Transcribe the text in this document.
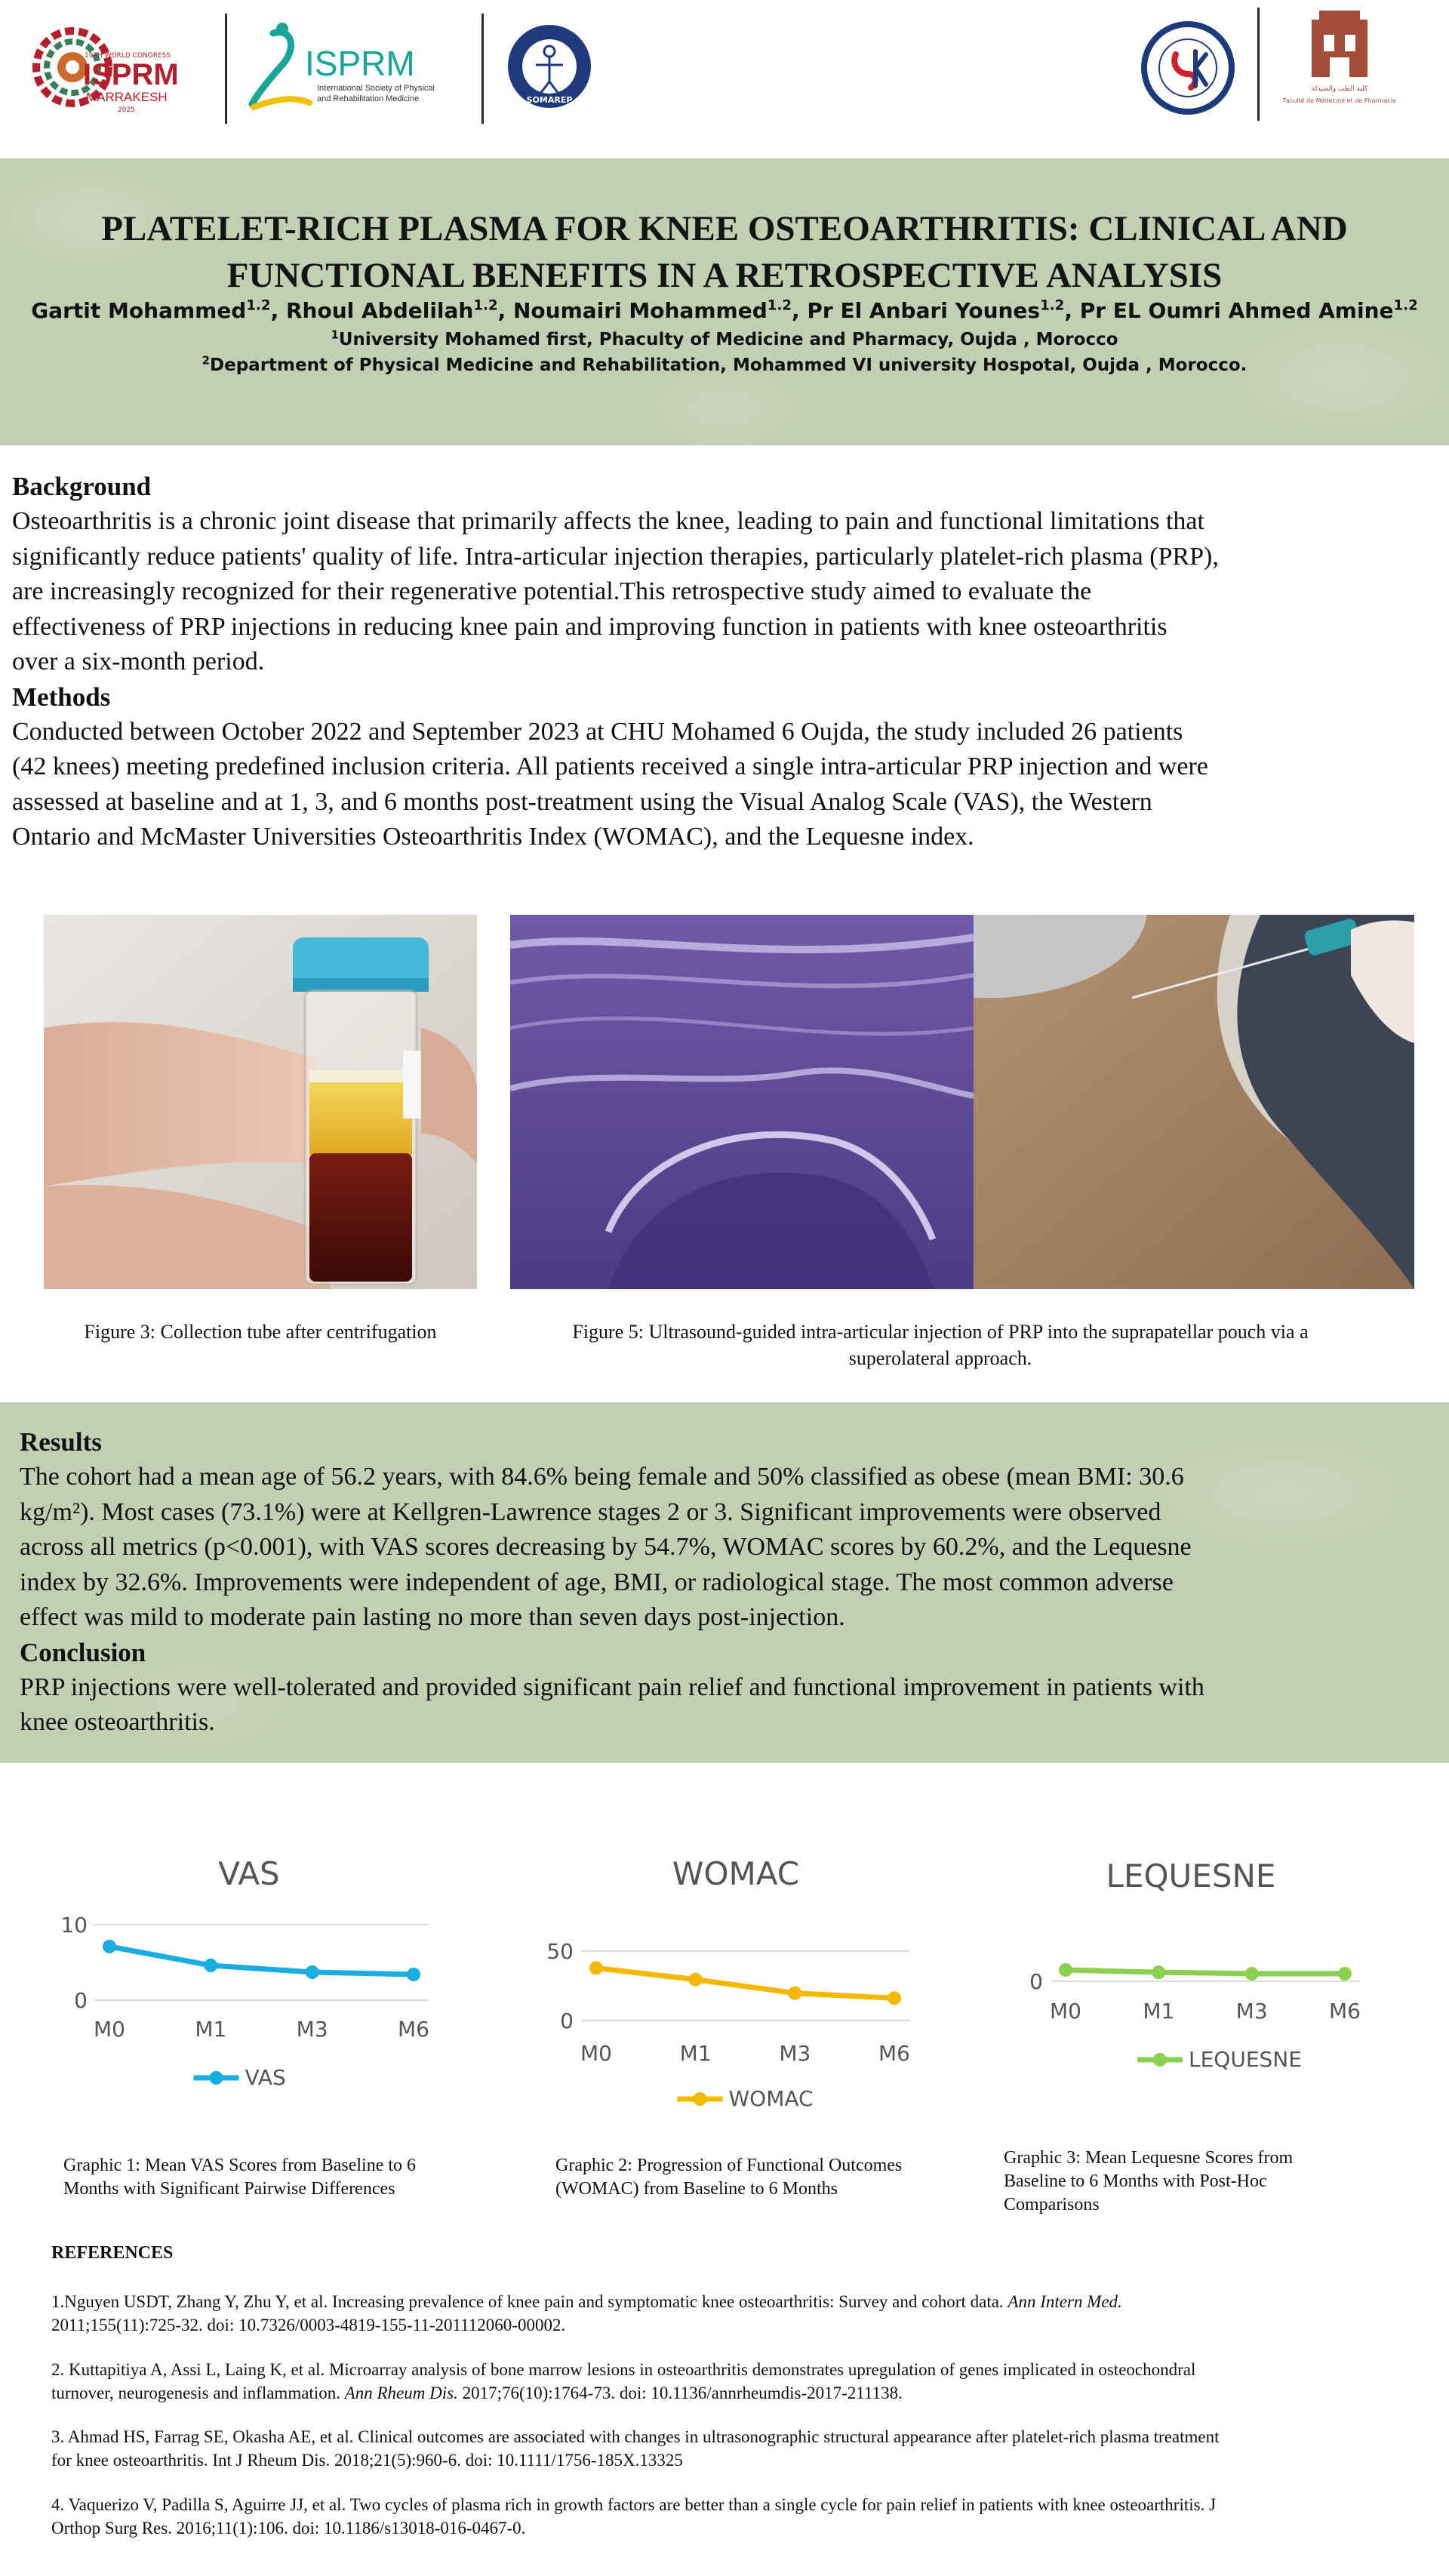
19TH WORLD CONGRESS
ISPRM
MARRAKESH
2025
ISPRM
International Society of Physical
and Rehabilitation Medicine	SOMAREP
كلية الطب والصيدلة
Faculté de Médecine et de Pharmacie
PLATELET-RICH PLASMA FOR KNEE OSTEOARTHRITIS: CLINICAL AND
FUNCTIONAL BENEFITS IN A RETROSPECTIVE ANALYSIS
Gartit Mohammed$^{1.2}$, Rhoul Abdelilah$^{1.2}$, Noumairi Mohammed$^{1.2}$, Pr El Anbari Younes$^{1.2}$, Pr EL Oumri Ahmed Amine$^{1.2}$
$^1$University Mohamed first, Phaculty of Medicine and Pharmacy, Oujda , Morocco
$^2$Department of Physical Medicine and Rehabilitation, Mohammed VI university Hospotal, Oujda , Morocco.
Background
Osteoarthritis is a chronic joint disease that primarily affects the knee, leading to pain and functional limitations that
significantly reduce patients' quality of life. Intra-articular injection therapies, particularly platelet-rich plasma (PRP),
are increasingly recognized for their regenerative potential.This retrospective study aimed to evaluate the
effectiveness of PRP injections in reducing knee pain and improving function in patients with knee osteoarthritis
over a six-month period.
Methods
Conducted between October 2022 and September 2023 at CHU Mohamed 6 Oujda, the study included 26 patients
(42 knees) meeting predefined inclusion criteria. All patients received a single intra-articular PRP injection and were
assessed at baseline and at 1, 3, and 6 months post-treatment using the Visual Analog Scale (VAS), the Western
Ontario and McMaster Universities Osteoarthritis Index (WOMAC), and the Lequesne index.
Figure 3: Collection tube after centrifugation	Figure 5: Ultrasound-guided intra-articular injection of PRP into the suprapatellar pouch via a
superolateral approach.
Results
The cohort had a mean age of 56.2 years, with 84.6% being female and 50% classified as obese (mean BMI: 30.6
kg/m²). Most cases (73.1%) were at Kellgren-Lawrence stages 2 or 3. Significant improvements were observed
across all metrics (p<0.001), with VAS scores decreasing by 54.7%, WOMAC scores by 60.2%, and the Lequesne
index by 32.6%. Improvements were independent of age, BMI, or radiological stage. The most common adverse
effect was mild to moderate pain lasting no more than seven days post-injection.
Conclusion
PRP injections were well-tolerated and provided significant pain relief and functional improvement in patients with
knee osteoarthritis.
VAS
0
10
M0	M1	M3	M6
VAS
WOMAC
0
50
M0	M1	M3	M6
WOMAC
LEQUESNE
0
M0	M1	M3	M6
LEQUESNE
Graphic 1: Mean VAS Scores from Baseline to 6
Months with Significant Pairwise Differences
Graphic 2: Progression of Functional Outcomes
(WOMAC) from Baseline to 6 Months
Graphic 3: Mean Lequesne Scores from
Baseline to 6 Months with Post-Hoc
Comparisons
REFERENCES
1.Nguyen USDT, Zhang Y, Zhu Y, et al. Increasing prevalence of knee pain and symptomatic knee osteoarthritis: Survey and cohort data. Ann Intern Med.
2011;155(11):725-32. doi: 10.7326/0003-4819-155-11-201112060-00002.
2. Kuttapitiya A, Assi L, Laing K, et al. Microarray analysis of bone marrow lesions in osteoarthritis demonstrates upregulation of genes implicated in osteochondral
turnover, neurogenesis and inflammation. Ann Rheum Dis. 2017;76(10):1764-73. doi: 10.1136/annrheumdis-2017-211138.
3. Ahmad HS, Farrag SE, Okasha AE, et al. Clinical outcomes are associated with changes in ultrasonographic structural appearance after platelet-rich plasma treatment
for knee osteoarthritis. Int J Rheum Dis. 2018;21(5):960-6. doi: 10.1111/1756-185X.13325
4. Vaquerizo V, Padilla S, Aguirre JJ, et al. Two cycles of plasma rich in growth factors are better than a single cycle for pain relief in patients with knee osteoarthritis. J
Orthop Surg Res. 2016;11(1):106. doi: 10.1186/s13018-016-0467-0.
